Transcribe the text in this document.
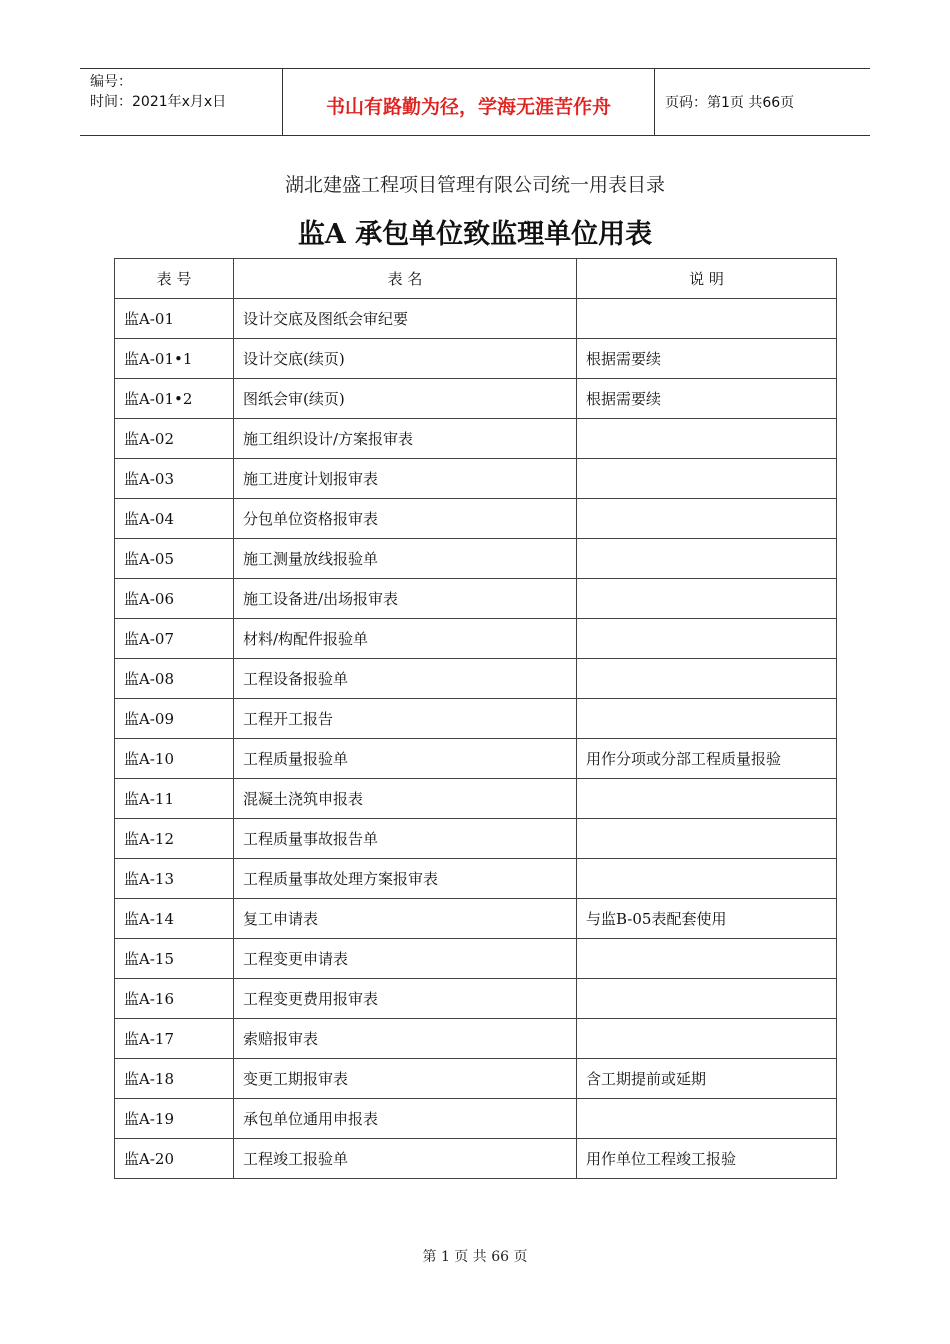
编号：
时间：2021年x月x日	书山有路勤为径，学海无涯苦作舟	页码：第1页 共66页
湖北建盛工程项目管理有限公司统一用表目录
监A 承包单位致监理单位用表
表 号	表 名	说 明
监A-01	设计交底及图纸会审纪要	
监A-01•1	设计交底(续页)	根据需要续
监A-01•2	图纸会审(续页)	根据需要续
监A-02	施工组织设计/方案报审表	
监A-03	施工进度计划报审表	
监A-04	分包单位资格报审表	
监A-05	施工测量放线报验单	
监A-06	施工设备进/出场报审表	
监A-07	材料/构配件报验单	
监A-08	工程设备报验单	
监A-09	工程开工报告	
监A-10	工程质量报验单	用作分项或分部工程质量报验
监A-11	混凝土浇筑申报表	
监A-12	工程质量事故报告单	
监A-13	工程质量事故处理方案报审表	
监A-14	复工申请表	与监B-05表配套使用
监A-15	工程变更申请表	
监A-16	工程变更费用报审表	
监A-17	索赔报审表	
监A-18	变更工期报审表	含工期提前或延期
监A-19	承包单位通用申报表	
监A-20	工程竣工报验单	用作单位工程竣工报验
第 1 页 共 66 页
